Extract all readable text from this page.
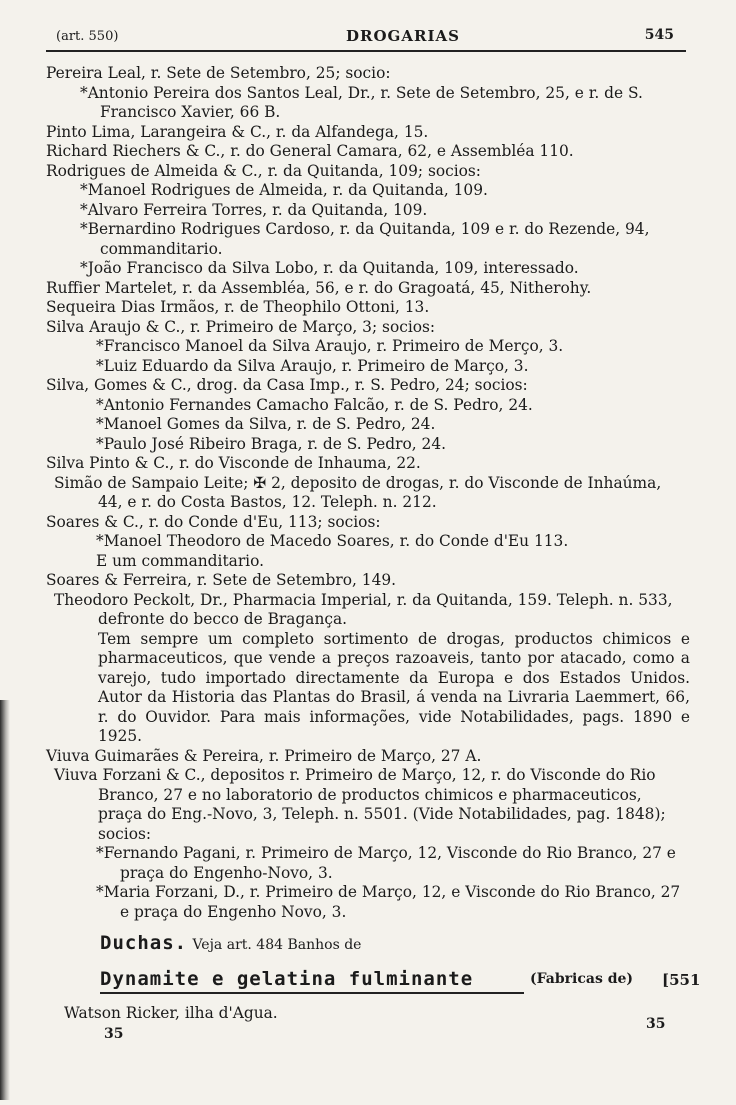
(art. 550)	DROGARIAS	545

Pereira Leal, r. Sete de Setembro, 25; socio:

*Antonio Pereira dos Santos Leal, Dr., r. Sete de Setembro, 25, e r. de S. Francisco Xavier, 66 B.

Pinto Lima, Larangeira & C., r. da Alfandega, 15.

Richard Riechers & C., r. do General Camara, 62, e Assembléa 110.

Rodrigues de Almeida & C., r. da Quitanda, 109; socios:

*Manoel Rodrigues de Almeida, r. da Quitanda, 109.

*Alvaro Ferreira Torres, r. da Quitanda, 109.

*Bernardino Rodrigues Cardoso, r. da Quitanda, 109 e r. do Rezende, 94, commanditario.

*João Francisco da Silva Lobo, r. da Quitanda, 109, interessado.

Ruffier Martelet, r. da Assembléa, 56, e r. do Gragoatá, 45, Nitherohy.

Sequeira Dias Irmãos, r. de Theophilo Ottoni, 13.

Silva Araujo & C., r. Primeiro de Março, 3; socios:

*Francisco Manoel da Silva Araujo, r. Primeiro de Merço, 3.

*Luiz Eduardo da Silva Araujo, r. Primeiro de Março, 3.

Silva, Gomes & C., drog. da Casa Imp., r. S. Pedro, 24; socios:

*Antonio Fernandes Camacho Falcão, r. de S. Pedro, 24.

*Manoel Gomes da Silva, r. de S. Pedro, 24.

*Paulo José Ribeiro Braga, r. de S. Pedro, 24.

Silva Pinto & C., r. do Visconde de Inhauma, 22.

Simão de Sampaio Leite; ✠ 2, deposito de drogas, r. do Visconde de Inhaúma, 44, e r. do Costa Bastos, 12. Teleph. n. 212.

Soares & C., r. do Conde d'Eu, 113; socios:

*Manoel Theodoro de Macedo Soares, r. do Conde d'Eu 113.

E um commanditario.

Soares & Ferreira, r. Sete de Setembro, 149.

Theodoro Peckolt, Dr., Pharmacia Imperial, r. da Quitanda, 159. Teleph. n. 533, defronte do becco de Bragança.

Tem sempre um completo sortimento de drogas, productos chimicos e pharmaceuticos, que vende a preços razoaveis, tanto por atacado, como a varejo, tudo importado directamente da Europa e dos Estados Unidos. Autor da Historia das Plantas do Brasil, á venda na Livraria Laemmert, 66, r. do Ouvidor. Para mais informações, vide Notabilidades, pags. 1890 e 1925.

Viuva Guimarães & Pereira, r. Primeiro de Março, 27 A.

Viuva Forzani & C., depositos r. Primeiro de Março, 12, r. do Visconde do Rio Branco, 27 e no laboratorio de productos chimicos e pharmaceuticos, praça do Eng.-Novo, 3, Teleph. n. 5501. (Vide Notabilidades, pag. 1848); socios:

*Fernando Pagani, r. Primeiro de Março, 12, Visconde do Rio Branco, 27 e praça do Engenho-Novo, 3.

*Maria Forzani, D., r. Primeiro de Março, 12, e Visconde do Rio Branco, 27 e praça do Engenho Novo, 3.

Duchas. Veja art. 484 Banhos de
Dynamite e gelatina fulminante	(Fabricas de) [551
Watson Ricker, ilha d'Agua.
35
35
